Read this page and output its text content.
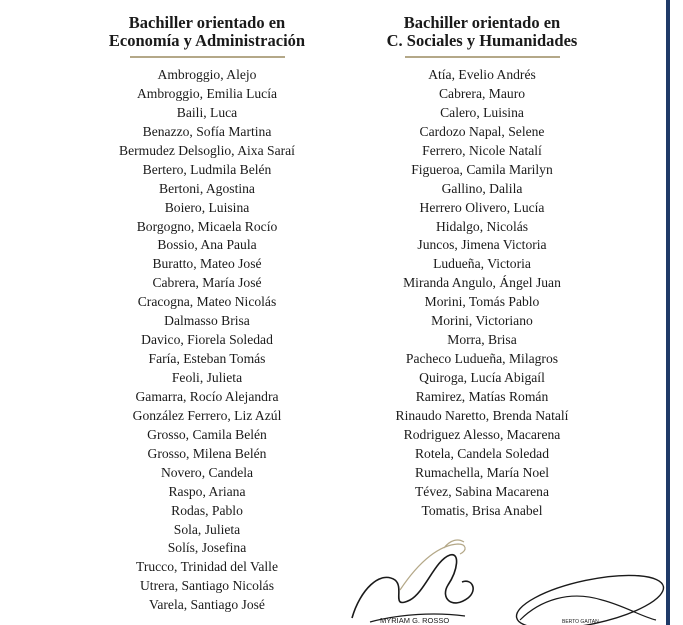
Bachiller orientado en

Economía y Administración

Ambroggio, Alejo
Ambroggio, Emilia Lucía
Baili, Luca
Benazzo, Sofía Martina
Bermudez Delsoglio, Aixa Saraí
Bertero, Ludmila Belén
Bertoni, Agostina
Boiero, Luisina
Borgogno, Micaela Rocío
Bossio, Ana Paula
Buratto, Mateo José
Cabrera, María José
Cracogna, Mateo Nicolás
Dalmasso Brisa
Davico, Fiorela Soledad
Faría, Esteban Tomás
Feoli, Julieta
Gamarra, Rocío Alejandra
González Ferrero, Liz Azúl
Grosso, Camila Belén
Grosso, Milena Belén
Novero, Candela
Raspo, Ariana
Rodas, Pablo
Sola, Julieta
Solís, Josefina
Trucco, Trinidad del Valle
Utrera, Santiago Nicolás
Varela, Santiago José

Bachiller orientado en

C. Sociales y Humanidades

Atía, Evelio Andrés
Cabrera, Mauro
Calero, Luisina
Cardozo Napal, Selene
Ferrero, Nicole Natalí
Figueroa, Camila Marilyn
Gallino, Dalila
Herrero Olivero, Lucía
Hidalgo, Nicolás
Juncos, Jimena Victoria
Ludueña, Victoria
Miranda Angulo, Ángel Juan
Morini, Tomás Pablo
Morini, Victoriano
Morra, Brisa
Pacheco Ludueña, Milagros
Quiroga, Lucía Abigaíl
Ramirez, Matías Román
Rinaudo Naretto, Brenda Natalí
Rodriguez Alesso, Macarena
Rotela, Candela Soledad
Rumachella, María Noel
Tévez, Sabina Macarena
Tomatis, Brisa Anabel
MYRIAM G. ROSSO	BERTO GAITAN
